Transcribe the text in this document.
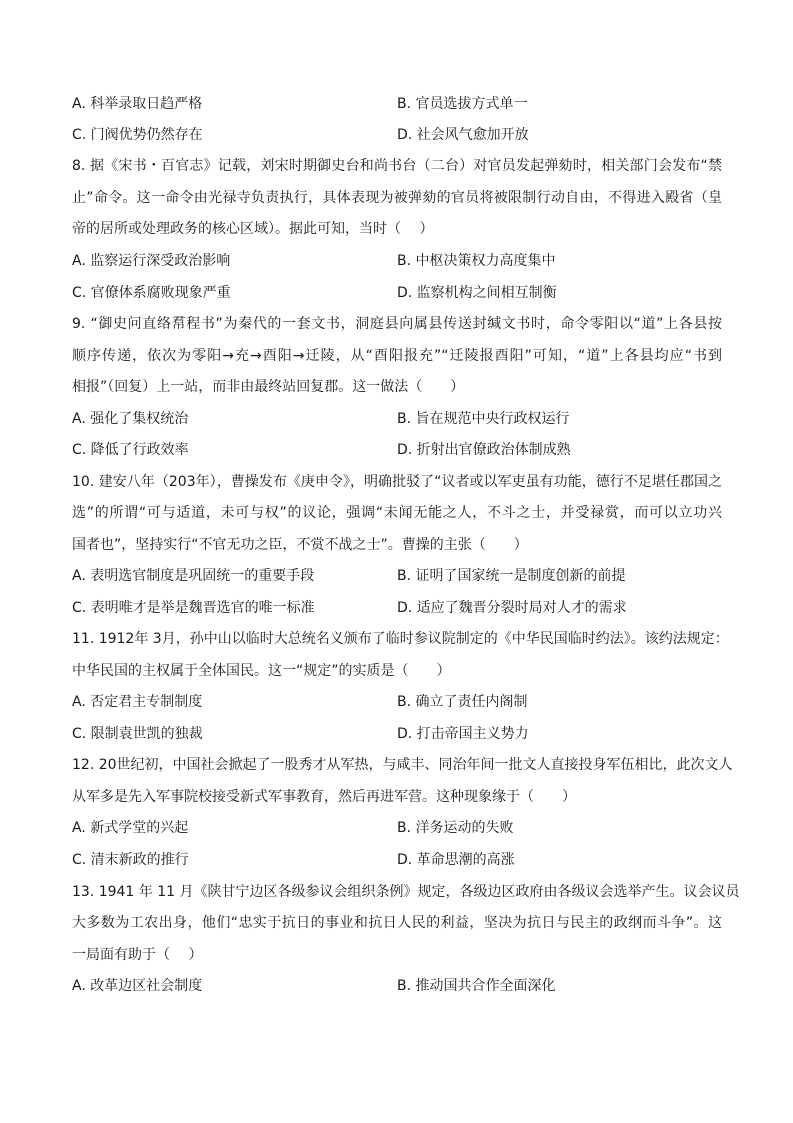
A. 科举录取日趋严格	B. 官员选拔方式单一
C. 门阀优势仍然存在	D. 社会风气愈加开放
8. 据《宋书・百官志》记载，刘宋时期御史台和尚书台（二台）对官员发起弹劾时，相关部门会发布“禁
止”命令。这一命令由光禄寺负责执行，具体表现为被弹劾的官员将被限制行动自由，不得进入殿省（皇
帝的居所或处理政务的核心区域）。据此可知，当时（　 ）
A. 监察运行深受政治影响	B. 中枢决策权力高度集中
C. 官僚体系腐败现象严重	D. 监察机构之间相互制衡
9. “御史问直络帬程书”为秦代的一套文书，洞庭县向属县传送封缄文书时，命令零阳以“道”上各县按
顺序传递，依次为零阳→充→酉阳→迁陵，从“酉阳报充”“迁陵报酉阳”可知，“道”上各县均应“书到
相报”（回复）上一站，而非由最终站回复郡。这一做法（　　）
A. 强化了集权统治	B. 旨在规范中央行政权运行
C. 降低了行政效率	D. 折射出官僚政治体制成熟
10. 建安八年（203年），曹操发布《庚申令》，明确批驳了“议者或以军吏虽有功能，德行不足堪任郡国之
选”的所谓“可与适道，未可与权”的议论，强调“未闻无能之人，不斗之士，并受禄赏，而可以立功兴
国者也”，坚持实行“不官无功之臣，不赏不战之士”。曹操的主张（　　）
A. 表明选官制度是巩固统一的重要手段	B. 证明了国家统一是制度创新的前提
C. 表明唯才是举是魏晋选官的唯一标准	D. 适应了魏晋分裂时局对人才的需求
11. 1912年 3月，孙中山以临时大总统名义颁布了临时参议院制定的《中华民国临时约法》。该约法规定：
中华民国的主权属于全体国民。这一“规定”的实质是（　　）
A. 否定君主专制制度	B. 确立了责任内阁制
C. 限制袁世凯的独裁	D. 打击帝国主义势力
12. 20世纪初，中国社会掀起了一股秀才从军热，与咸丰、同治年间一批文人直接投身军伍相比，此次文人
从军多是先入军事院校接受新式军事教育，然后再进军营。这种现象缘于（　　）
A. 新式学堂的兴起	B. 洋务运动的失败
C. 清末新政的推行	D. 革命思潮的高涨
13. 1941 年 11 月《陕甘宁边区各级参议会组织条例》规定，各级边区政府由各级议会选举产生。议会议员
大多数为工农出身，他们“忠实于抗日的事业和抗日人民的利益，坚决为抗日与民主的政纲而斗争”。这
一局面有助于（　 ）
A. 改革边区社会制度	B. 推动国共合作全面深化
